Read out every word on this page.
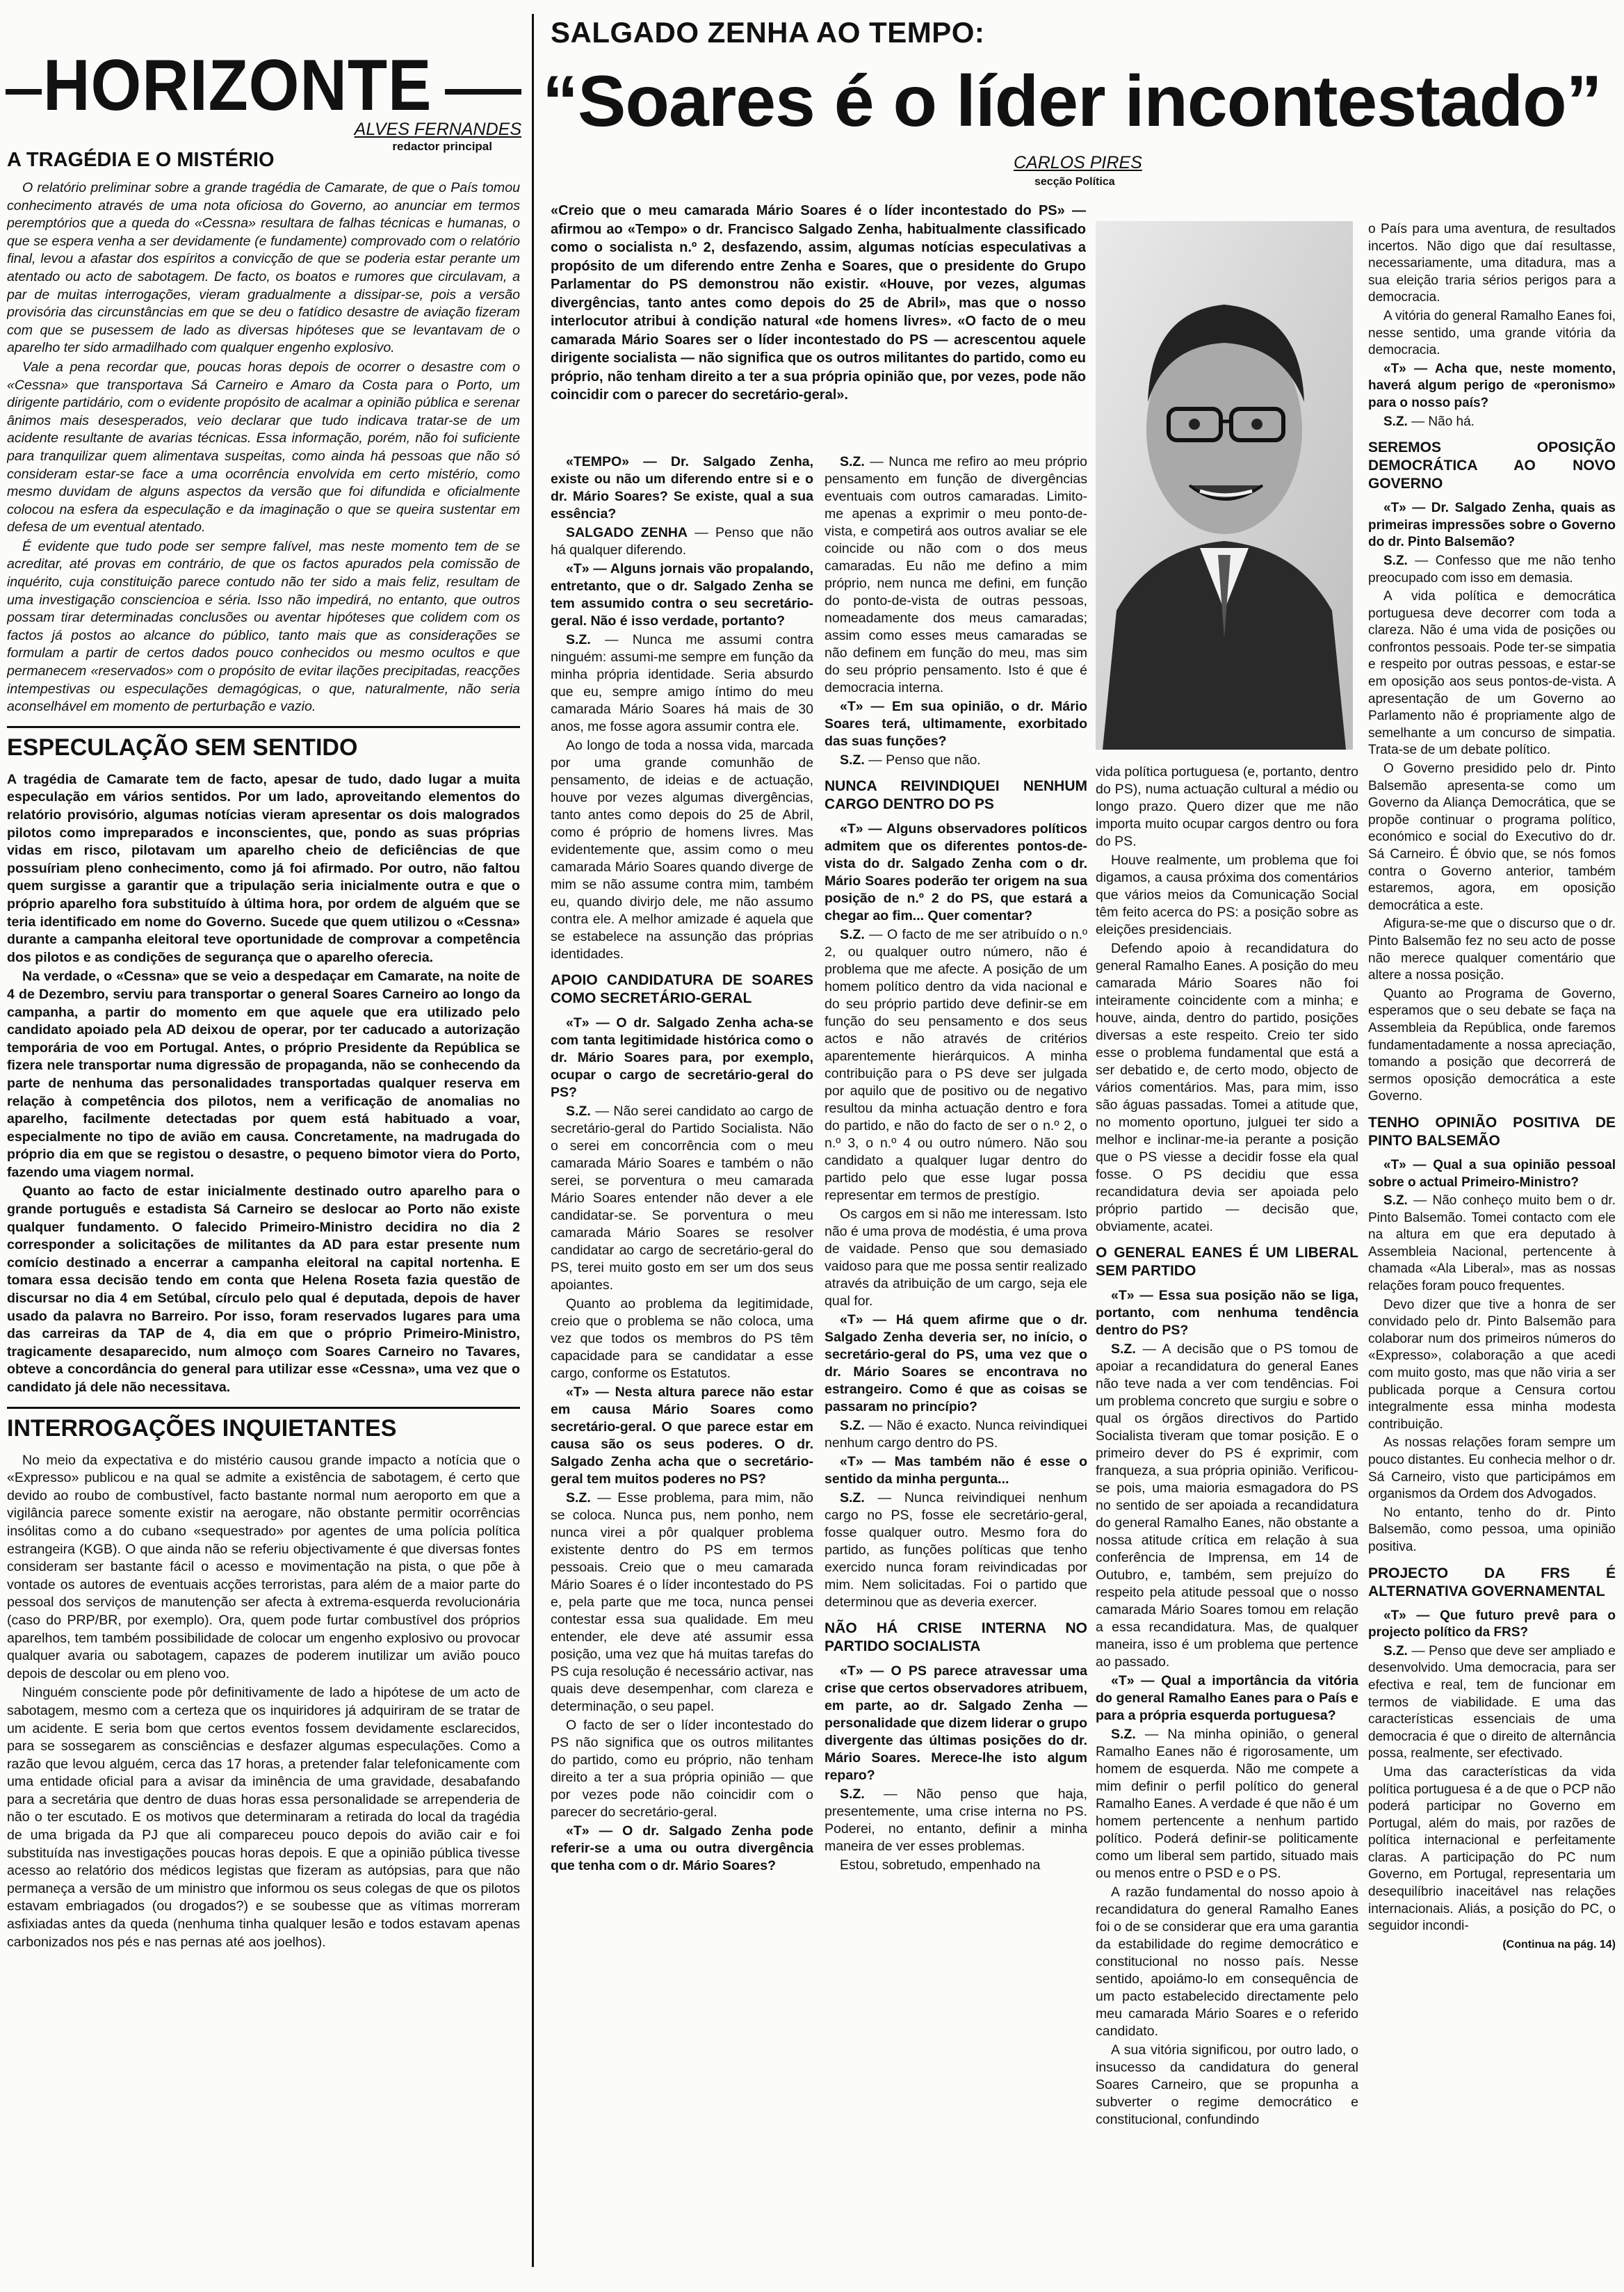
HORIZONTE
ALVES FERNANDES
redactor principal
A TRAGÉDIA E O MISTÉRIO

O relatório preliminar sobre a grande tragédia de Camarate, de que o País tomou conhecimento através de uma nota oficiosa do Governo, ao anunciar em termos peremptórios que a queda do «Cessna» resultara de falhas técnicas e humanas, o que se espera venha a ser devidamente (e fundamente) comprovado com o relatório final, levou a afastar dos espíritos a convicção de que se poderia estar perante um atentado ou acto de sabotagem. De facto, os boatos e rumores que circulavam, a par de muitas interrogações, vieram gradualmente a dissipar-se, pois a versão provisória das circunstâncias em que se deu o fatídico desastre de aviação fizeram com que se pusessem de lado as diversas hipóteses que se levantavam de o aparelho ter sido armadilhado com qualquer engenho explosivo.

Vale a pena recordar que, poucas horas depois de ocorrer o desastre com o «Cessna» que transportava Sá Carneiro e Amaro da Costa para o Porto, um dirigente partidário, com o evidente propósito de acalmar a opinião pública e serenar ânimos mais desesperados, veio declarar que tudo indicava tratar-se de um acidente resultante de avarias técnicas. Essa informação, porém, não foi suficiente para tranquilizar quem alimentava suspeitas, como ainda há pessoas que não só consideram estar-se face a uma ocorrência envolvida em certo mistério, como mesmo duvidam de alguns aspectos da versão que foi difundida e oficialmente colocou na esfera da especulação e da imaginação o que se queira sustentar em defesa de um eventual atentado.

É evidente que tudo pode ser sempre falível, mas neste momento tem de se acreditar, até provas em contrário, de que os factos apurados pela comissão de inquérito, cuja constituição parece contudo não ter sido a mais feliz, resultam de uma investigação consciencioa e séria. Isso não impedirá, no entanto, que outros possam tirar determinadas conclusões ou aventar hipóteses que colidem com os factos já postos ao alcance do público, tanto mais que as considerações se formulam a partir de certos dados pouco conhecidos ou mesmo ocultos e que permanecem «reservados» com o propósito de evitar ilações precipitadas, reacções intempestivas ou especulações demagógicas, o que, naturalmente, não seria aconselhável em momento de perturbação e vazio.

ESPECULAÇÃO SEM SENTIDO

A tragédia de Camarate tem de facto, apesar de tudo, dado lugar a muita especulação em vários sentidos. Por um lado, aproveitando elementos do relatório provisório, algumas notícias vieram apresentar os dois malogrados pilotos como impreparados e inconscientes, que, pondo as suas próprias vidas em risco, pilotavam um aparelho cheio de deficiências de que possuíriam pleno conhecimento, como já foi afirmado. Por outro, não faltou quem surgisse a garantir que a tripulação seria inicialmente outra e que o próprio aparelho fora substituído à última hora, por ordem de alguém que se teria identificado em nome do Governo. Sucede que quem utilizou o «Cessna» durante a campanha eleitoral teve oportunidade de comprovar a competência dos pilotos e as condições de segurança que o aparelho oferecia.

Na verdade, o «Cessna» que se veio a despedaçar em Camarate, na noite de 4 de Dezembro, serviu para transportar o general Soares Carneiro ao longo da campanha, a partir do momento em que aquele que era utilizado pelo candidato apoiado pela AD deixou de operar, por ter caducado a autorização temporária de voo em Portugal. Antes, o próprio Presidente da República se fizera nele transportar numa digressão de propaganda, não se conhecendo da parte de nenhuma das personalidades transportadas qualquer reserva em relação à competência dos pilotos, nem a verificação de anomalias no aparelho, facilmente detectadas por quem está habituado a voar, especialmente no tipo de avião em causa. Concretamente, na madrugada do próprio dia em que se registou o desastre, o pequeno bimotor viera do Porto, fazendo uma viagem normal.

Quanto ao facto de estar inicialmente destinado outro aparelho para o grande português e estadista Sá Carneiro se deslocar ao Porto não existe qualquer fundamento. O falecido Primeiro-Ministro decidira no dia 2 corresponder a solicitações de militantes da AD para estar presente num comício destinado a encerrar a campanha eleitoral na capital nortenha. E tomara essa decisão tendo em conta que Helena Roseta fazia questão de discursar no dia 4 em Setúbal, círculo pelo qual é deputada, depois de haver usado da palavra no Barreiro. Por isso, foram reservados lugares para uma das carreiras da TAP de 4, dia em que o próprio Primeiro-Ministro, tragicamente desaparecido, num almoço com Soares Carneiro no Tavares, obteve a concordância do general para utilizar esse «Cessna», uma vez que o candidato já dele não necessitava.

INTERROGAÇÕES INQUIETANTES

No meio da expectativa e do mistério causou grande impacto a notícia que o «Expresso» publicou e na qual se admite a existência de sabotagem, é certo que devido ao roubo de combustível, facto bastante normal num aeroporto em que a vigilância parece somente existir na aerogare, não obstante permitir ocorrências insólitas como a do cubano «sequestrado» por agentes de uma polícia política estrangeira (KGB). O que ainda não se referiu objectivamente é que diversas fontes consideram ser bastante fácil o acesso e movimentação na pista, o que põe à vontade os autores de eventuais acções terroristas, para além de a maior parte do pessoal dos serviços de manutenção ser afecta à extrema-esquerda revolucionária (caso do PRP/BR, por exemplo). Ora, quem pode furtar combustível dos próprios aparelhos, tem também possibilidade de colocar um engenho explosivo ou provocar qualquer avaria ou sabotagem, capazes de poderem inutilizar um avião pouco depois de descolar ou em pleno voo.

Ninguém consciente pode pôr definitivamente de lado a hipótese de um acto de sabotagem, mesmo com a certeza que os inquiridores já adquiriram de se tratar de um acidente. E seria bom que certos eventos fossem devidamente esclarecidos, para se sossegarem as consciências e desfazer algumas especulações. Como a razão que levou alguém, cerca das 17 horas, a pretender falar telefonicamente com uma entidade oficial para a avisar da iminência de uma gravidade, desabafando para a secretária que dentro de duas horas essa personalidade se arrependeria de não o ter escutado. E os motivos que determinaram a retirada do local da tragédia de uma brigada da PJ que ali compareceu pouco depois do avião cair e foi substituída nas investigações poucas horas depois. E que a opinião pública tivesse acesso ao relatório dos médicos legistas que fizeram as autópsias, para que não permaneça a versão de um ministro que informou os seus colegas de que os pilotos estavam embriagados (ou drogados?) e se soubesse que as vítimas morreram asfixiadas antes da queda (nenhuma tinha qualquer lesão e todos estavam apenas carbonizados nos pés e nas pernas até aos joelhos).

SALGADO ZENHA AO TEMPO:
“Soares é o líder incontestado”
CARLOS PIRES
secção Política

«Creio que o meu camarada Mário Soares é o líder incontestado do PS» — afirmou ao «Tempo» o dr. Francisco Salgado Zenha, habitualmente classificado como o socialista n.º 2, desfazendo, assim, algumas notícias especulativas a propósito de um diferendo entre Zenha e Soares, que o presidente do Grupo Parlamentar do PS demonstrou não existir. «Houve, por vezes, algumas divergências, tanto antes como depois do 25 de Abril», mas que o nosso interlocutor atribui à condição natural «de homens livres». «O facto de o meu camarada Mário Soares ser o líder incontestado do PS — acrescentou aquele dirigente socialista — não significa que os outros militantes do partido, como eu próprio, não tenham direito a ter a sua própria opinião que, por vezes, pode não coincidir com o parecer do secretário-geral».

«TEMPO» — Dr. Salgado Zenha, existe ou não um diferendo entre si e o dr. Mário Soares? Se existe, qual a sua essência?

SALGADO ZENHA — Penso que não há qualquer diferendo.

«T» — Alguns jornais vão propalando, entretanto, que o dr. Salgado Zenha se tem assumido contra o seu secretário-geral. Não é isso verdade, portanto?

S.Z. — Nunca me assumi contra ninguém: assumi-me sempre em função da minha própria identidade. Seria absurdo que eu, sempre amigo íntimo do meu camarada Mário Soares há mais de 30 anos, me fosse agora assumir contra ele.

Ao longo de toda a nossa vida, marcada por uma grande comunhão de pensamento, de ideias e de actuação, houve por vezes algumas divergências, tanto antes como depois do 25 de Abril, como é próprio de homens livres. Mas evidentemente que, assim como o meu camarada Mário Soares quando diverge de mim se não assume contra mim, também eu, quando divirjo dele, me não assumo contra ele. A melhor amizade é aquela que se estabelece na assunção das próprias identidades.

APOIO CANDIDATURA DE SOARES COMO SECRETÁRIO-GERAL

«T» — O dr. Salgado Zenha acha-se com tanta legitimidade histórica como o dr. Mário Soares para, por exemplo, ocupar o cargo de secretário-geral do PS?

S.Z. — Não serei candidato ao cargo de secretário-geral do Partido Socialista. Não o serei em concorrência com o meu camarada Mário Soares e também o não serei, se porventura o meu camarada Mário Soares entender não dever a ele candidatar-se. Se porventura o meu camarada Mário Soares se resolver candidatar ao cargo de secretário-geral do PS, terei muito gosto em ser um dos seus apoiantes.

Quanto ao problema da legitimidade, creio que o problema se não coloca, uma vez que todos os membros do PS têm capacidade para se candidatar a esse cargo, conforme os Estatutos.

«T» — Nesta altura parece não estar em causa Mário Soares como secretário-geral. O que parece estar em causa são os seus poderes. O dr. Salgado Zenha acha que o secretário-geral tem muitos poderes no PS?

S.Z. — Esse problema, para mim, não se coloca. Nunca pus, nem ponho, nem nunca virei a pôr qualquer problema existente dentro do PS em termos pessoais. Creio que o meu camarada Mário Soares é o líder incontestado do PS e, pela parte que me toca, nunca pensei contestar essa sua qualidade. Em meu entender, ele deve até assumir essa posição, uma vez que há muitas tarefas do PS cuja resolução é necessário activar, nas quais deve desempenhar, com clareza e determinação, o seu papel.

O facto de ser o líder incontestado do PS não significa que os outros militantes do partido, como eu próprio, não tenham direito a ter a sua própria opinião — que por vezes pode não coincidir com o parecer do secretário-geral.

«T» — O dr. Salgado Zenha pode referir-se a uma ou outra divergência que tenha com o dr. Mário Soares?

S.Z. — Nunca me refiro ao meu próprio pensamento em função de divergências eventuais com outros camaradas. Limito-me apenas a exprimir o meu ponto-de-vista, e competirá aos outros avaliar se ele coincide ou não com o dos meus camaradas. Eu não me defino a mim próprio, nem nunca me defini, em função do ponto-de-vista de outras pessoas, nomeadamente dos meus camaradas; assim como esses meus camaradas se não definem em função do meu, mas sim do seu próprio pensamento. Isto é que é democracia interna.

«T» — Em sua opinião, o dr. Mário Soares terá, ultimamente, exorbitado das suas funções?

S.Z. — Penso que não.

NUNCA REIVINDIQUEI NENHUM CARGO DENTRO DO PS

«T» — Alguns observadores políticos admitem que os diferentes pontos-de-vista do dr. Salgado Zenha com o dr. Mário Soares poderão ter origem na sua posição de n.º 2 do PS, que estará a chegar ao fim... Quer comentar?

S.Z. — O facto de me ser atribuído o n.º 2, ou qualquer outro número, não é problema que me afecte. A posição de um homem político dentro da vida nacional e do seu próprio partido deve definir-se em função do seu pensamento e dos seus actos e não através de critérios aparentemente hierárquicos. A minha contribuição para o PS deve ser julgada por aquilo que de positivo ou de negativo resultou da minha actuação dentro e fora do partido, e não do facto de ser o n.º 2, o n.º 3, o n.º 4 ou outro número. Não sou candidato a qualquer lugar dentro do partido pelo que esse lugar possa representar em termos de prestígio.

Os cargos em si não me interessam. Isto não é uma prova de modéstia, é uma prova de vaidade. Penso que sou demasiado vaidoso para que me possa sentir realizado através da atribuição de um cargo, seja ele qual for.

«T» — Há quem afirme que o dr. Salgado Zenha deveria ser, no início, o secretário-geral do PS, uma vez que o dr. Mário Soares se encontrava no estrangeiro. Como é que as coisas se passaram no princípio?

S.Z. — Não é exacto. Nunca reivindiquei nenhum cargo dentro do PS.

«T» — Mas também não é esse o sentido da minha pergunta...

S.Z. — Nunca reivindiquei nenhum cargo no PS, fosse ele secretário-geral, fosse qualquer outro. Mesmo fora do partido, as funções políticas que tenho exercido nunca foram reivindicadas por mim. Nem solicitadas. Foi o partido que determinou que as deveria exercer.

NÃO HÁ CRISE INTERNA NO PARTIDO SOCIALISTA

«T» — O PS parece atravessar uma crise que certos observadores atribuem, em parte, ao dr. Salgado Zenha — personalidade que dizem liderar o grupo divergente das últimas posições do dr. Mário Soares. Merece-lhe isto algum reparo?

S.Z. — Não penso que haja, presentemente, uma crise interna no PS. Poderei, no entanto, definir a minha maneira de ver esses problemas.

Estou, sobretudo, empenhado na

vida política portuguesa (e, portanto, dentro do PS), numa actuação cultural a médio ou longo prazo. Quero dizer que me não importa muito ocupar cargos dentro ou fora do PS.

Houve realmente, um problema que foi digamos, a causa próxima dos comentários que vários meios da Comunicação Social têm feito acerca do PS: a posição sobre as eleições presidenciais.

Defendo apoio à recandidatura do general Ramalho Eanes. A posição do meu camarada Mário Soares não foi inteiramente coincidente com a minha; e houve, ainda, dentro do partido, posições diversas a este respeito. Creio ter sido esse o problema fundamental que está a ser debatido e, de certo modo, objecto de vários comentários. Mas, para mim, isso são águas passadas. Tomei a atitude que, no momento oportuno, julguei ter sido a melhor e inclinar-me-ia perante a posição que o PS viesse a decidir fosse ela qual fosse. O PS decidiu que essa recandidatura devia ser apoiada pelo próprio partido — decisão que, obviamente, acatei.

O GENERAL EANES É UM LIBERAL SEM PARTIDO

«T» — Essa sua posição não se liga, portanto, com nenhuma tendência dentro do PS?

S.Z. — A decisão que o PS tomou de apoiar a recandidatura do general Eanes não teve nada a ver com tendências. Foi um problema concreto que surgiu e sobre o qual os órgãos directivos do Partido Socialista tiveram que tomar posição. E o primeiro dever do PS é exprimir, com franqueza, a sua própria opinião. Verificou-se pois, uma maioria esmagadora do PS no sentido de ser apoiada a recandidatura do general Ramalho Eanes, não obstante a nossa atitude crítica em relação à sua conferência de Imprensa, em 14 de Outubro, e, também, sem prejuízo do respeito pela atitude pessoal que o nosso camarada Mário Soares tomou em relação a essa recandidatura. Mas, de qualquer maneira, isso é um problema que pertence ao passado.

«T» — Qual a importância da vitória do general Ramalho Eanes para o País e para a própria esquerda portuguesa?

S.Z. — Na minha opinião, o general Ramalho Eanes não é rigorosamente, um homem de esquerda. Não me compete a mim definir o perfil político do general Ramalho Eanes. A verdade é que não é um homem pertencente a nenhum partido político. Poderá definir-se politicamente como um liberal sem partido, situado mais ou menos entre o PSD e o PS.

A razão fundamental do nosso apoio à recandidatura do general Ramalho Eanes foi o de se considerar que era uma garantia da estabilidade do regime democrático e constitucional no nosso país. Nesse sentido, apoiámo-lo em consequência de um pacto estabelecido directamente pelo meu camarada Mário Soares e o referido candidato.

A sua vitória significou, por outro lado, o insucesso da candidatura do general Soares Carneiro, que se propunha a subverter o regime democrático e constitucional, confundindo

o País para uma aventura, de resultados incertos. Não digo que daí resultasse, necessariamente, uma ditadura, mas a sua eleição traria sérios perigos para a democracia.

A vitória do general Ramalho Eanes foi, nesse sentido, uma grande vitória da democracia.

«T» — Acha que, neste momento, haverá algum perigo de «peronismo» para o nosso país?

S.Z. — Não há.

SEREMOS OPOSIÇÃO DEMOCRÁTICA AO NOVO GOVERNO

«T» — Dr. Salgado Zenha, quais as primeiras impressões sobre o Governo do dr. Pinto Balsemão?

S.Z. — Confesso que me não tenho preocupado com isso em demasia.

A vida política e democrática portuguesa deve decorrer com toda a clareza. Não é uma vida de posições ou confrontos pessoais. Pode ter-se simpatia e respeito por outras pessoas, e estar-se em oposição aos seus pontos-de-vista. A apresentação de um Governo ao Parlamento não é propriamente algo de semelhante a um concurso de simpatia. Trata-se de um debate político.

O Governo presidido pelo dr. Pinto Balsemão apresenta-se como um Governo da Aliança Democrática, que se propõe continuar o programa político, económico e social do Executivo do dr. Sá Carneiro. É óbvio que, se nós fomos contra o Governo anterior, também estaremos, agora, em oposição democrática a este.

Afigura-se-me que o discurso que o dr. Pinto Balsemão fez no seu acto de posse não merece qualquer comentário que altere a nossa posição.

Quanto ao Programa de Governo, esperamos que o seu debate se faça na Assembleia da República, onde faremos fundamentadamente a nossa apreciação, tomando a posição que decorrerá de sermos oposição democrática a este Governo.

TENHO OPINIÃO POSITIVA DE PINTO BALSEMÃO

«T» — Qual a sua opinião pessoal sobre o actual Primeiro-Ministro?

S.Z. — Não conheço muito bem o dr. Pinto Balsemão. Tomei contacto com ele na altura em que era deputado à Assembleia Nacional, pertencente à chamada «Ala Liberal», mas as nossas relações foram pouco frequentes.

Devo dizer que tive a honra de ser convidado pelo dr. Pinto Balsemão para colaborar num dos primeiros números do «Expresso», colaboração a que acedi com muito gosto, mas que não viria a ser publicada porque a Censura cortou integralmente essa minha modesta contribuição.

As nossas relações foram sempre um pouco distantes. Eu conhecia melhor o dr. Sá Carneiro, visto que participámos em organismos da Ordem dos Advogados.

No entanto, tenho do dr. Pinto Balsemão, como pessoa, uma opinião positiva.

PROJECTO DA FRS É ALTERNATIVA GOVERNAMENTAL

«T» — Que futuro prevê para o projecto político da FRS?

S.Z. — Penso que deve ser ampliado e desenvolvido. Uma democracia, para ser efectiva e real, tem de funcionar em termos de viabilidade. E uma das características essenciais de uma democracia é que o direito de alternância possa, realmente, ser efectivado.

Uma das características da vida política portuguesa é a de que o PCP não poderá participar no Governo em Portugal, além do mais, por razões de política internacional e perfeitamente claras. A participação do PC num Governo, em Portugal, representaria um desequilíbrio inaceitável nas relações internacionais. Aliás, a posição do PC, o seguidor incondi-

(Continua na pág. 14)
